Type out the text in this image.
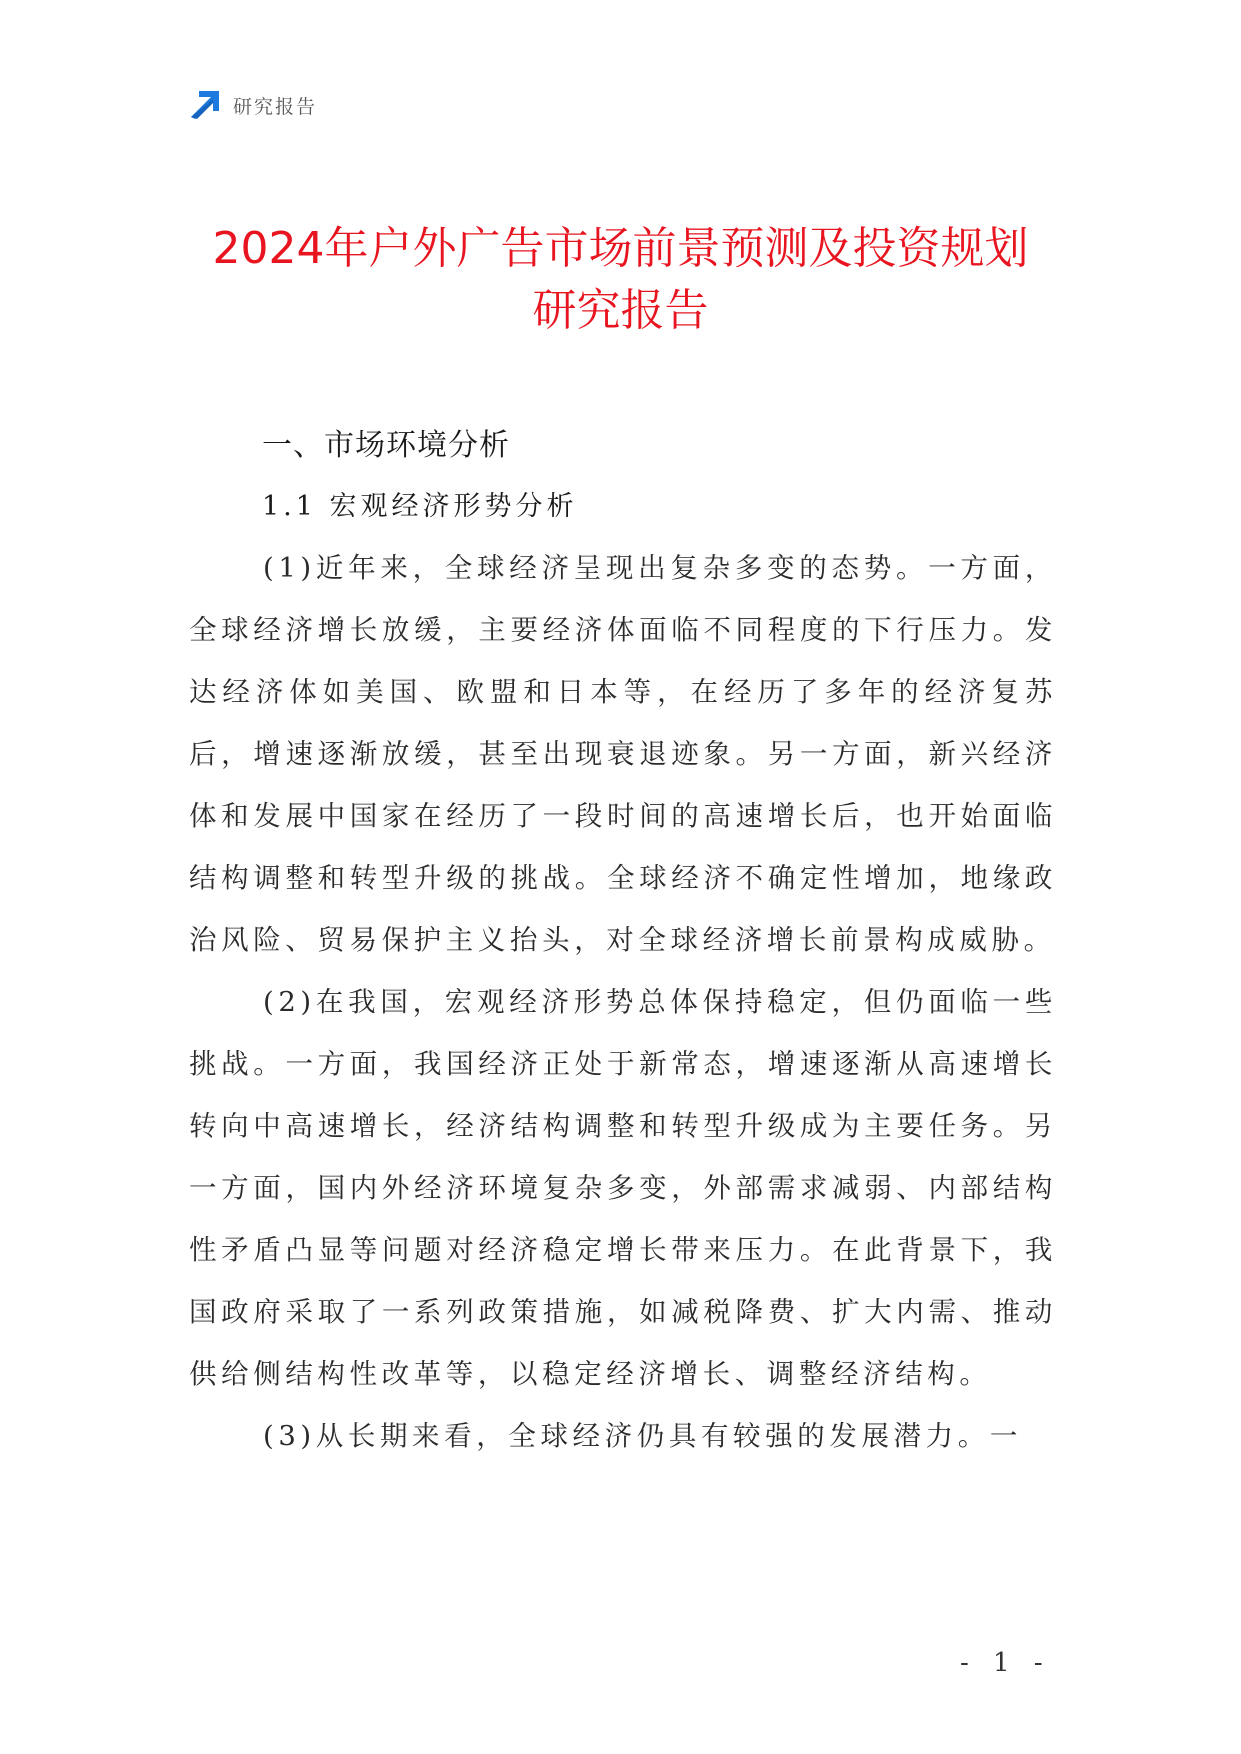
研究报告
2024年户外广告市场前景预测及投资规划
研究报告
一、市场环境分析
1.1 宏观经济形势分析

(1)近年来，全球经济呈现出复杂多变的态势。一方面，全球经济增长放缓，主要经济体面临不同程度的下行压力。发达经济体如美国、欧盟和日本等，在经历了多年的经济复苏后，增速逐渐放缓，甚至出现衰退迹象。另一方面，新兴经济体和发展中国家在经历了一段时间的高速增长后，也开始面临结构调整和转型升级的挑战。全球经济不确定性增加，地缘政治风险、贸易保护主义抬头，对全球经济增长前景构成威胁。

(2)在我国，宏观经济形势总体保持稳定，但仍面临一些挑战。一方面，我国经济正处于新常态，增速逐渐从高速增长转向中高速增长，经济结构调整和转型升级成为主要任务。另一方面，国内外经济环境复杂多变，外部需求减弱、内部结构性矛盾凸显等问题对经济稳定增长带来压力。在此背景下，我国政府采取了一系列政策措施，如减税降费、扩大内需、推动供给侧结构性改革等，以稳定经济增长、调整经济结构。

(3)从长期来看，全球经济仍具有较强的发展潜力。一

- 1 -
